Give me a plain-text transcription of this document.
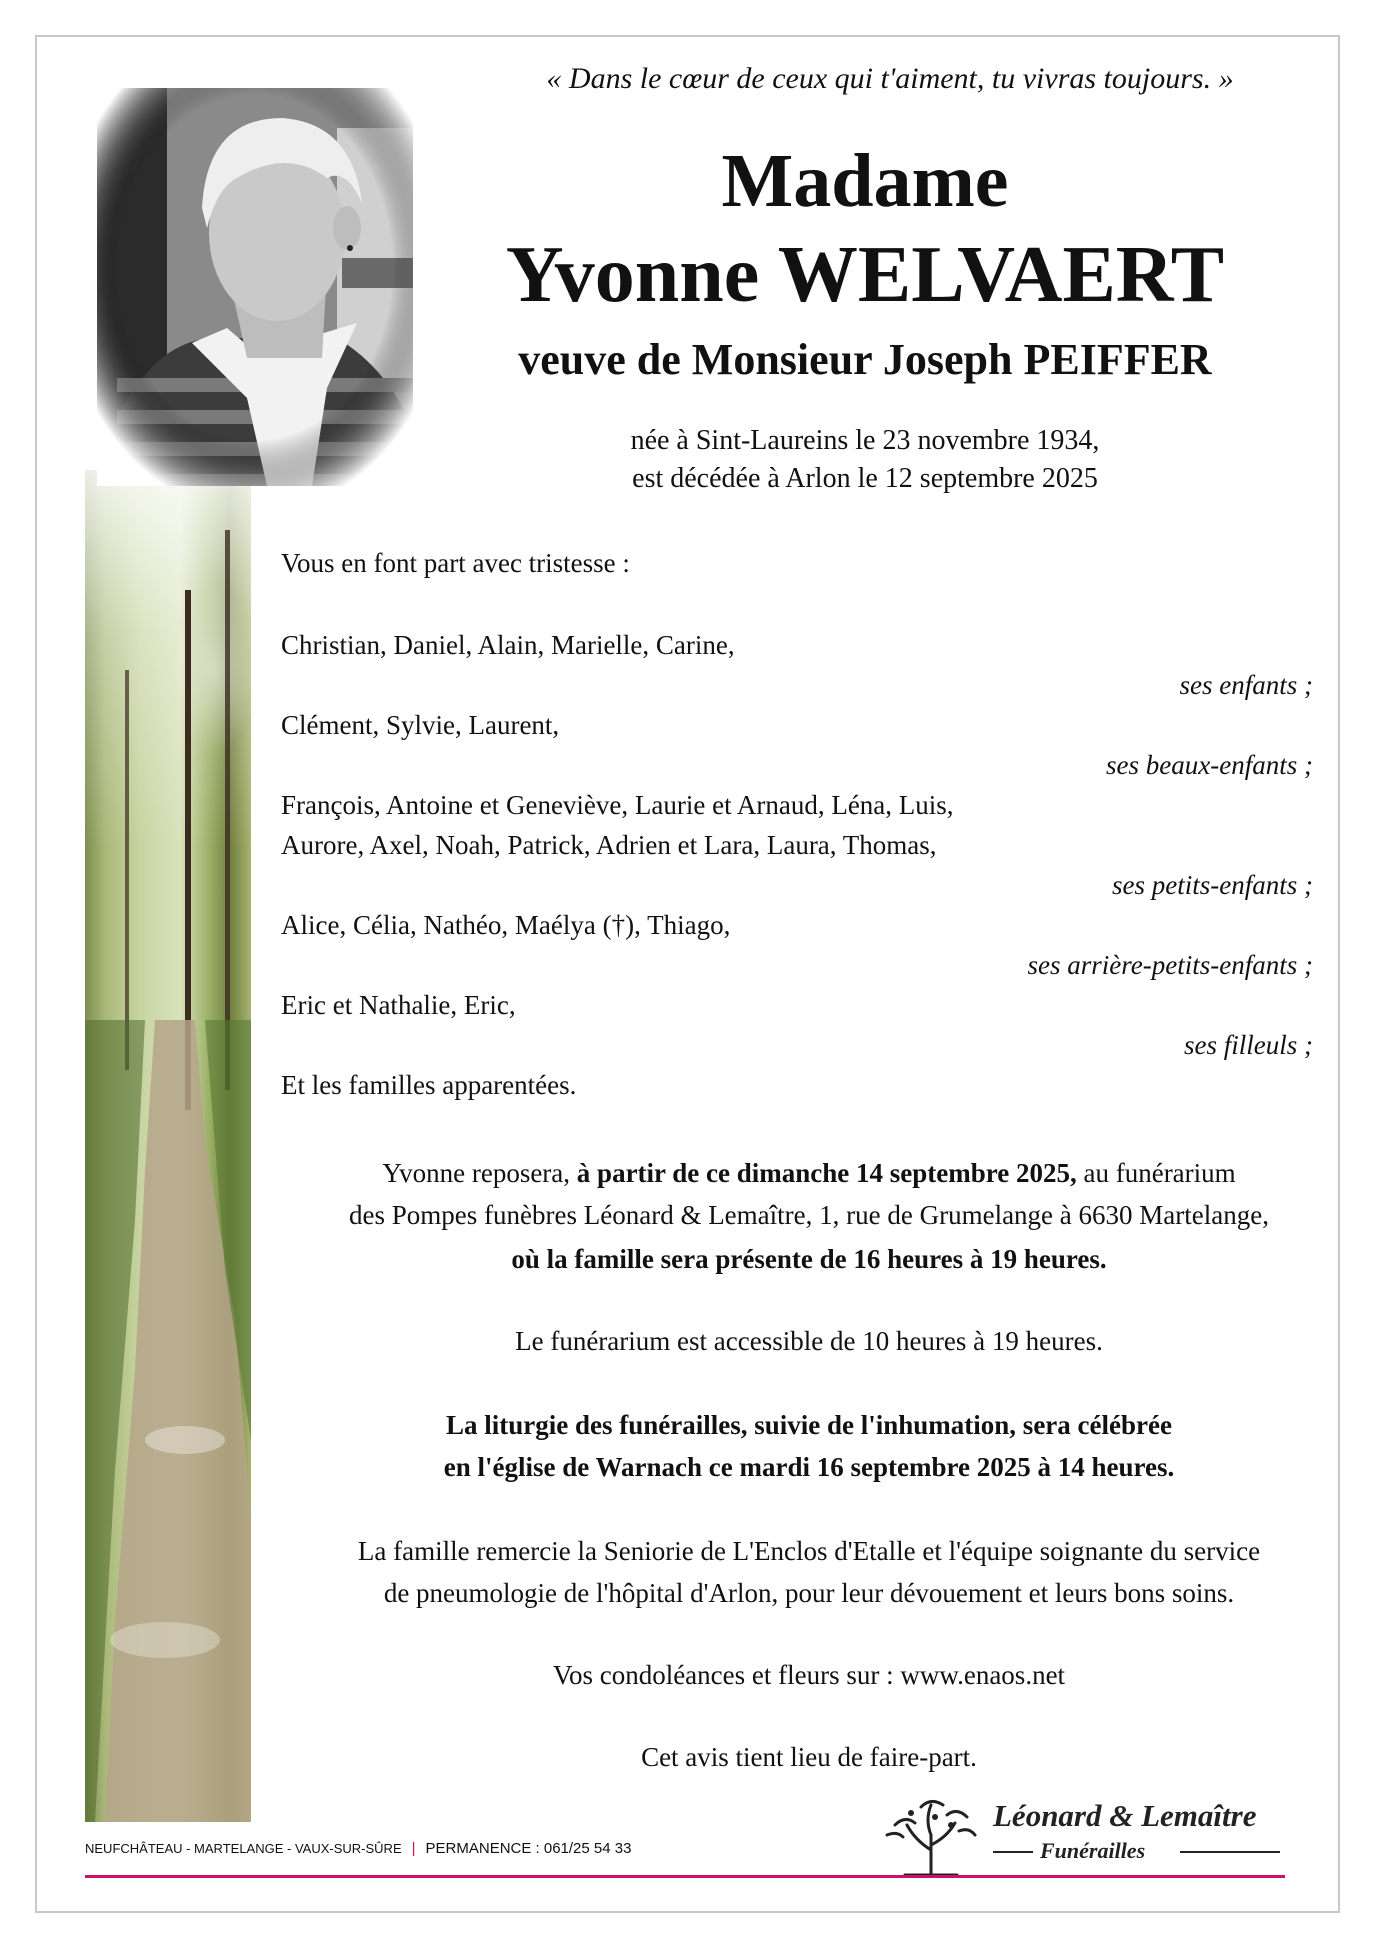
« Dans le cœur de ceux qui t'aiment, tu vivras toujours. »
Madame
Yvonne WELVAERT
veuve de Monsieur Joseph PEIFFER
née à Sint-Laureins le 23 novembre 1934,
est décédée à Arlon le 12 septembre 2025
Vous en font part avec tristesse :
Christian, Daniel, Alain, Marielle, Carine,
ses enfants ;
Clément, Sylvie, Laurent,
ses beaux-enfants ;
François, Antoine et Geneviève, Laurie et Arnaud, Léna, Luis,
Aurore, Axel, Noah, Patrick, Adrien et Lara, Laura, Thomas,
ses petits-enfants ;
Alice, Célia, Nathéo, Maélya (†), Thiago,
ses arrière-petits-enfants ;
Eric et Nathalie, Eric,
ses filleuls ;
Et les familles apparentées.
Yvonne reposera, à partir de ce dimanche 14 septembre 2025, au funérarium
des Pompes funèbres Léonard & Lemaître, 1, rue de Grumelange à 6630 Martelange,
où la famille sera présente de 16 heures à 19 heures.
Le funérarium est accessible de 10 heures à 19 heures.
La liturgie des funérailles, suivie de l'inhumation, sera célébrée
en l'église de Warnach ce mardi 16 septembre 2025 à 14 heures.
La famille remercie la Seniorie de L'Enclos d'Etalle et l'équipe soignante du service
de pneumologie de l'hôpital d'Arlon, pour leur dévouement et leurs bons soins.
Vos condoléances et fleurs sur : www.enaos.net
Cet avis tient lieu de faire-part.
NEUFCHÂTEAU - MARTELANGE - VAUX-SUR-SÛRE | PERMANENCE : 061/25 54 33
Léonard & Lemaître
Funérailles
